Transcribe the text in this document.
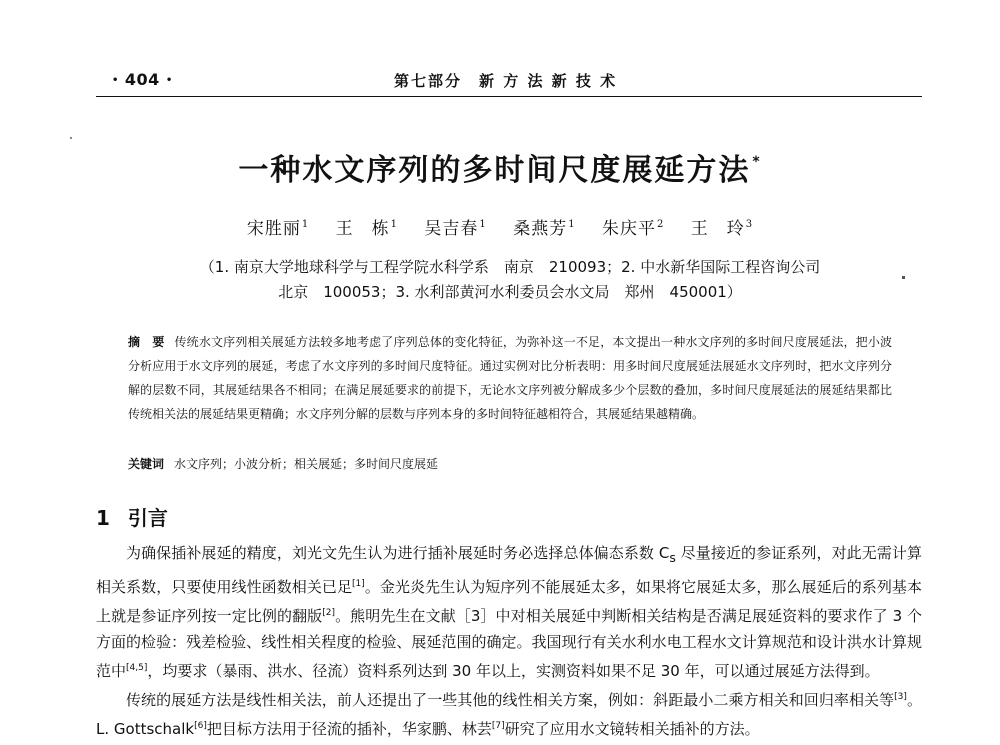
• 404 •	第七部分　新 方 法 新 技 术
一种水文序列的多时间尺度展延方法 *
宋胜丽$^1$ 王　栋$^1$ 吴吉春$^1$ 桑燕芳$^1$ 朱庆平$^2$ 王　玲$^3$
（1. 南京大学地球科学与工程学院水科学系　南京　210093；2. 中水新华国际工程咨询公司
北京　100053；3. 水利部黄河水利委员会水文局　郑州　450001）
摘　要 传统水文序列相关展延方法较多地考虑了序列总体的变化特征，为弥补这一不足，本文提出一种水文序列的多时间尺度展延法，把小波分析应用于水文序列的展延，考虑了水文序列的多时间尺度特征。通过实例对比分析表明：用多时间尺度展延法展延水文序列时，把水文序列分解的层数不同，其展延结果各不相同；在满足展延要求的前提下，无论水文序列被分解成多少个层数的叠加，多时间尺度展延法的展延结果都比传统相关法的展延结果更精确；水文序列分解的层数与序列本身的多时间特征越相符合，其展延结果越精确。
关键词 水文序列；小波分析；相关展延；多时间尺度展延
1 引言

为确保插补展延的精度，刘光文先生认为进行插补展延时务必选择总体偏态系数 $C_s$ 尽量接近的参证系列，对此无需计算相关系数，只要使用线性函数相关已足[1]。金光炎先生认为短序列不能展延太多，如果将它展延太多，那么展延后的系列基本上就是参证序列按一定比例的翻版[2]。熊明先生在文献［3］中对相关展延中判断相关结构是否满足展延资料的要求作了 3 个方面的检验：残差检验、线性相关程度的检验、展延范围的确定。我国现行有关水利水电工程水文计算规范和设计洪水计算规范中[4,5]，均要求（暴雨、洪水、径流）资料系列达到 30 年以上，实测资料如果不足 30 年，可以通过展延方法得到。

传统的展延方法是线性相关法，前人还提出了一些其他的线性相关方案，例如：斜距最小二乘方相关和回归率相关等[3]。L. Gottschalk[6]把目标方法用于径流的插补，华家鹏、林芸[7]研究了应用水文镜转相关插补的方法。
